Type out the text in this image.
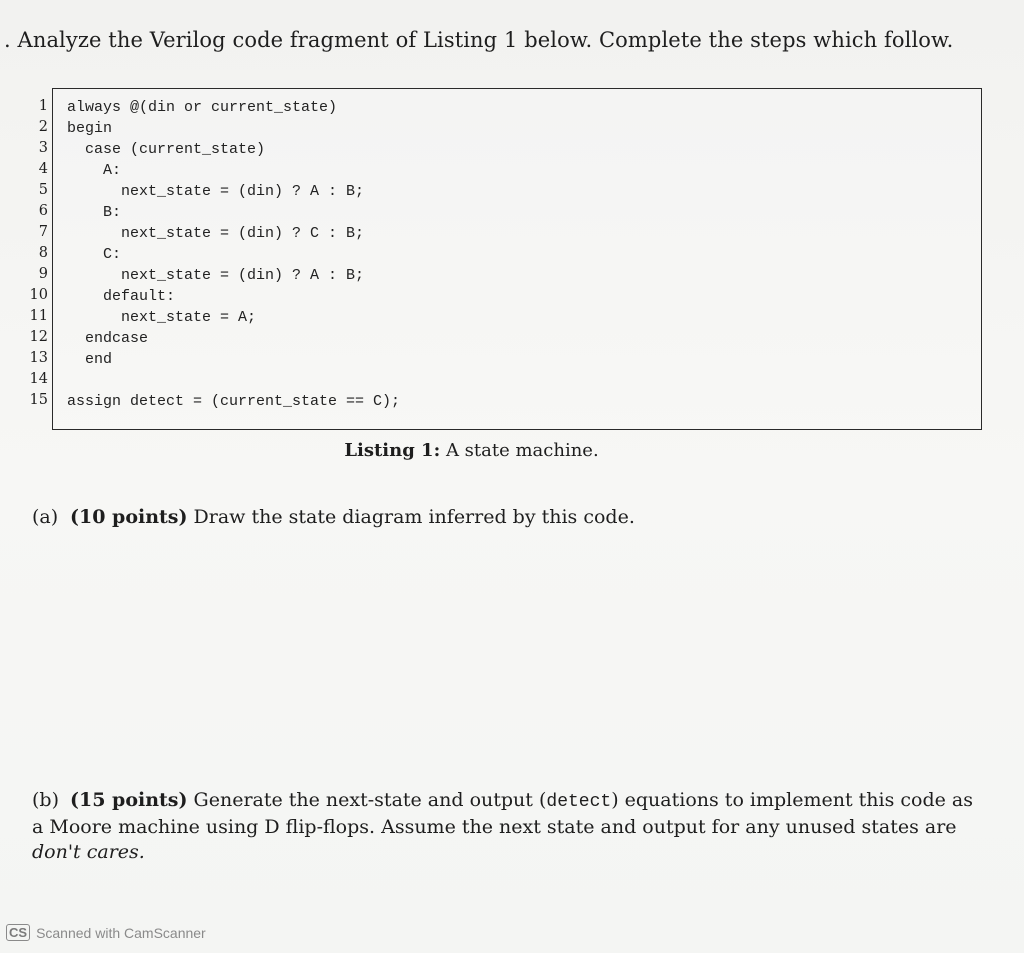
. Analyze the Verilog code fragment of Listing 1 below. Complete the steps which follow.

1
2
3
4
5
6
7
8
9
10
11
12
13
14
15
always @(din or current_state)
begin
case (current_state)
A:
next_state = (din) ? A : B;
B:
next_state = (din) ? C : B;
C:
next_state = (din) ? A : B;
default:
next_state = A;
endcase
end

assign detect = (current_state == C);

Listing 1: A state machine.

(a) (10 points) Draw the state diagram inferred by this code.

(b) (15 points) Generate the next-state and output (detect) equations to implement this code as a Moore machine using D flip-flops. Assume the next state and output for any unused states are don't cares.
CS Scanned with CamScanner
